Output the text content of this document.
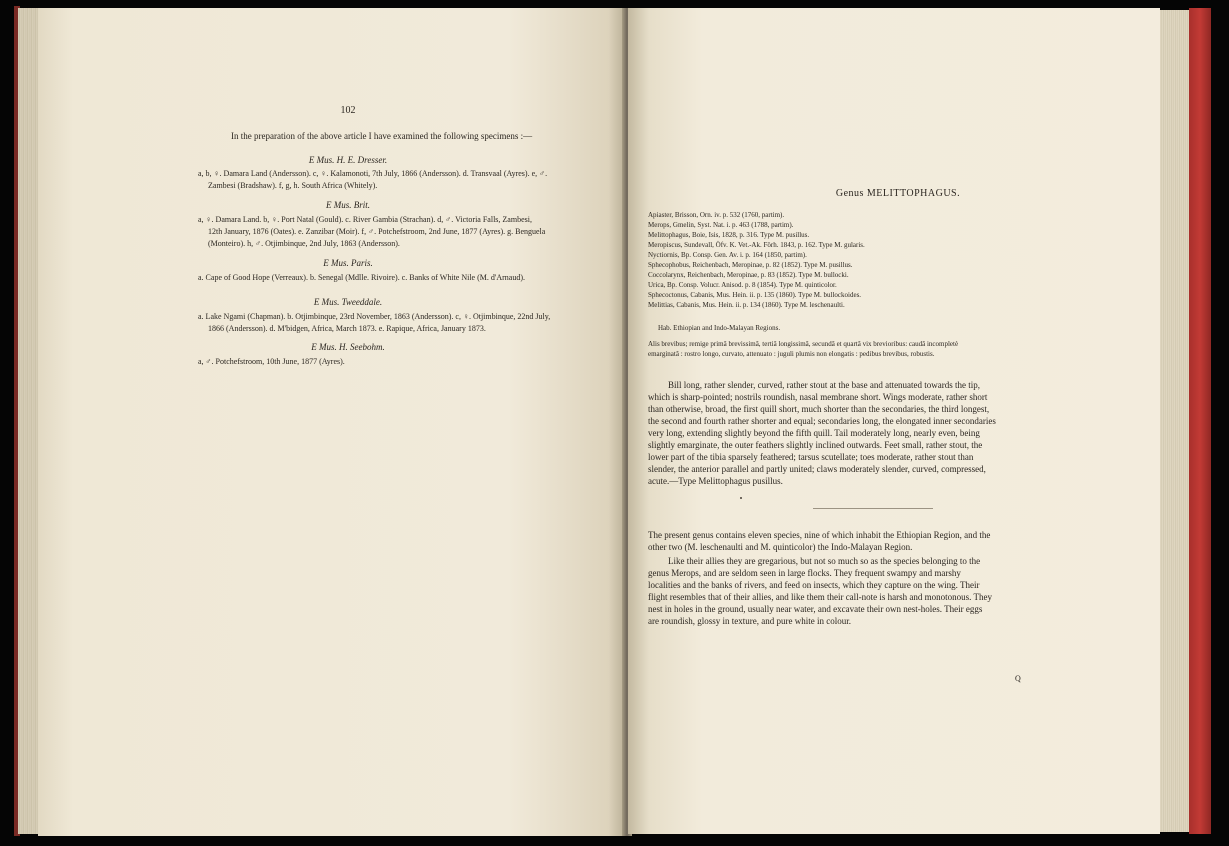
102
In the preparation of the above article I have examined the following specimens :—
E Mus. H. E. Dresser.
a, b, ♀. Damara Land (Andersson). c, ♀. Kalamonoti, 7th July, 1866 (Andersson). d. Transvaal (Ayres). e, ♂.
Zambesi (Bradshaw). f, g, h. South Africa (Whitely).
E Mus. Brit.
a, ♀. Damara Land. b, ♀. Port Natal (Gould). c. River Gambia (Strachan). d, ♂. Victoria Falls, Zambesi,
12th January, 1876 (Oates). e. Zanzibar (Moir). f, ♂. Potchefstroom, 2nd June, 1877 (Ayres). g. Benguela
(Monteiro). h, ♂. Otjimbinque, 2nd July, 1863 (Andersson).
E Mus. Paris.
a. Cape of Good Hope (Verreaux). b. Senegal (Mdlle. Rivoire). c. Banks of White Nile (M. d'Arnaud).
E Mus. Tweeddale.
a. Lake Ngami (Chapman). b. Otjimbinque, 23rd November, 1863 (Andersson). c, ♀. Otjimbinque, 22nd July,
1866 (Andersson). d. M'bidgen, Africa, March 1873. e. Rapique, Africa, January 1873.
E Mus. H. Seebohm.
a, ♂. Potchefstroom, 10th June, 1877 (Ayres).
Genus MELITTOPHAGUS.
Apiaster, Brisson, Orn. iv. p. 532 (1760, partim).
Merops, Gmelin, Syst. Nat. i. p. 463 (1788, partim).
Melittophagus, Boie, Isis, 1828, p. 316. Type M. pusillus.
Meropiscus, Sundevall, Öfv. K. Vet.-Ak. Förh. 1843, p. 162. Type M. gularis.
Nyctiornis, Bp. Consp. Gen. Av. i. p. 164 (1850, partim).
Sphecophobus, Reichenbach, Meropinae, p. 82 (1852). Type M. pusillus.
Coccolarynx, Reichenbach, Meropinae, p. 83 (1852). Type M. bullocki.
Urica, Bp. Consp. Volucr. Anisod. p. 8 (1854). Type M. quinticolor.
Sphecoctonus, Cabanis, Mus. Hein. ii. p. 135 (1860). Type M. bullockoides.
Melittias, Cabanis, Mus. Hein. ii. p. 134 (1860). Type M. leschenaulti.
Hab. Ethiopian and Indo-Malayan Regions.
Alis brevibus; remige primâ brevissimâ, tertiâ longissimâ, secundâ et quartâ vix brevioribus: caudâ incompletè
emarginatâ : rostro longo, curvato, attenuato : juguli plumis non elongatis : pedibus brevibus, robustis.
Bill long, rather slender, curved, rather stout at the base and attenuated towards the tip,
which is sharp-pointed; nostrils roundish, nasal membrane short. Wings moderate, rather short
than otherwise, broad, the first quill short, much shorter than the secondaries, the third longest,
the second and fourth rather shorter and equal; secondaries long, the elongated inner secondaries
very long, extending slightly beyond the fifth quill. Tail moderately long, nearly even, being
slightly emarginate, the outer feathers slightly inclined outwards. Feet small, rather stout, the
lower part of the tibia sparsely feathered; tarsus scutellate; toes moderate, rather stout than
slender, the anterior parallel and partly united; claws moderately slender, curved, compressed,
acute.—Type Melittophagus pusillus.
The present genus contains eleven species, nine of which inhabit the Ethiopian Region, and the
other two (M. leschenaulti and M. quinticolor) the Indo-Malayan Region.
Like their allies they are gregarious, but not so much so as the species belonging to the
genus Merops, and are seldom seen in large flocks. They frequent swampy and marshy
localities and the banks of rivers, and feed on insects, which they capture on the wing. Their
flight resembles that of their allies, and like them their call-note is harsh and monotonous. They
nest in holes in the ground, usually near water, and excavate their own nest-holes. Their eggs
are roundish, glossy in texture, and pure white in colour.
Q
